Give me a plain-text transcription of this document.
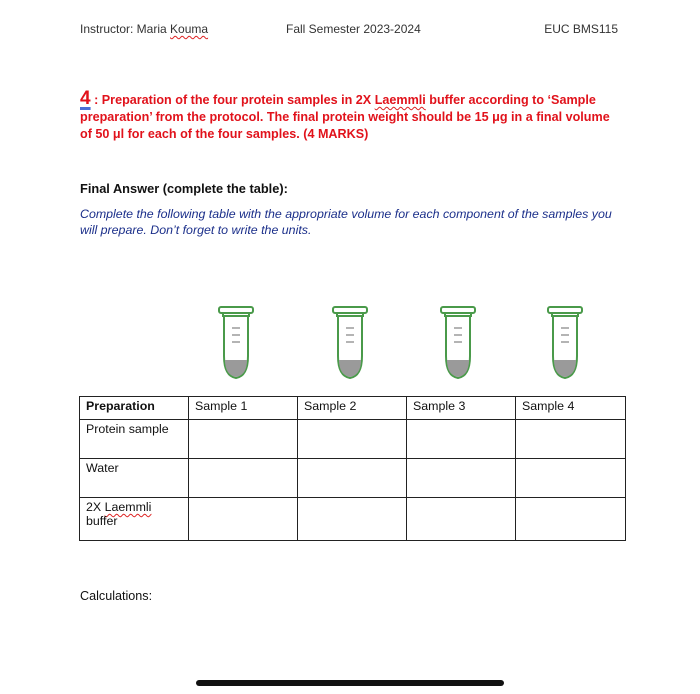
Instructor: Maria Kouma	Fall Semester 2023-2024	EUC BMS115
4 : Preparation of the four protein samples in 2X Laemmli buffer according to ‘Sample preparation’ from the protocol. The final protein weight should be 15 μg in a final volume of 50 μl for each of the four samples. (4 MARKS)
Final Answer (complete the table):
Complete the following table with the appropriate volume for each component of the samples you will prepare. Don’t forget to write the units.
Preparation	Sample 1	Sample 2	Sample 3	Sample 4
Protein sample				
Water				
2X Laemmli
buffer				
Calculations:
